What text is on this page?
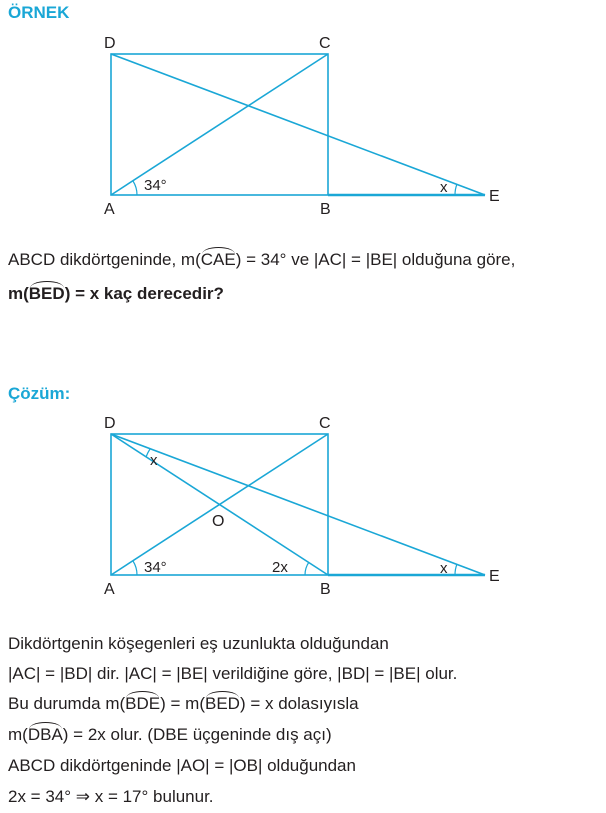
ÖRNEK
D	C
A	B
E
34°	x
ABCD dikdörtgeninde, m(CAE) = 34° ve |AC| = |BE| olduğuna göre,
m(BED) = x kaç derecedir?
Çözüm:
D	C
A	B
E
O
34°	2x
x
x
Dikdörtgenin köşegenleri eş uzunlukta olduğundan
|AC| = |BD| dir. |AC| = |BE| verildiğine göre, |BD| = |BE| olur.
Bu durumda m(BDE) = m(BED) = x dolasıyısla
m(DBA) = 2x olur. (DBE üçgeninde dış açı)
ABCD dikdörtgeninde |AO| = |OB| olduğundan
2x = 34° ⇒ x = 17° bulunur.
